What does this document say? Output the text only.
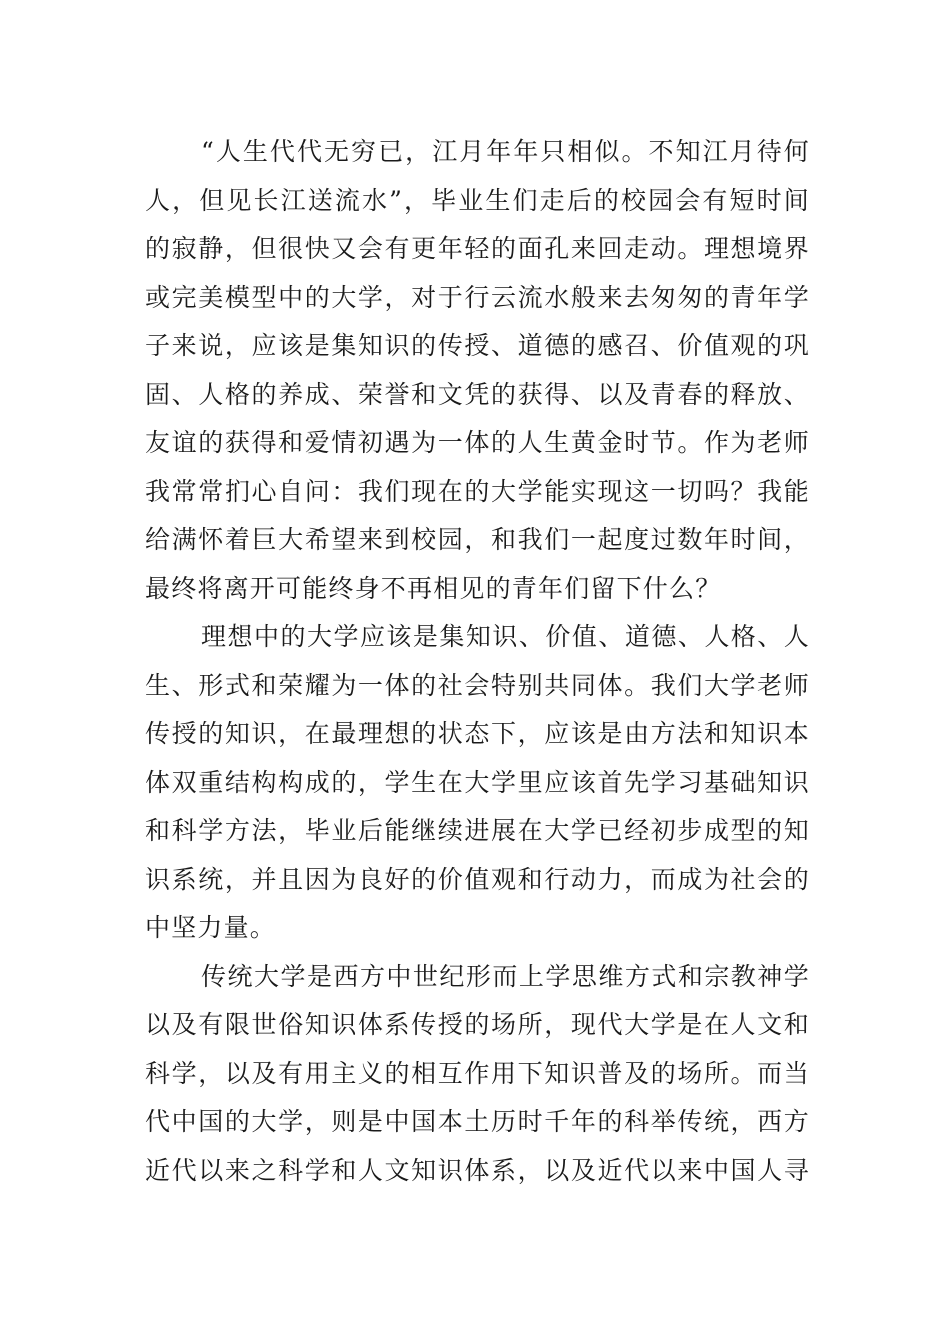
“人生代代无穷已，江月年年只相似。不知江月待何
人，但见长江送流水”，毕业生们走后的校园会有短时间
的寂静，但很快又会有更年轻的面孔来回走动。理想境界
或完美模型中的大学，对于行云流水般来去匆匆的青年学
子来说，应该是集知识的传授、道德的感召、价值观的巩
固、人格的养成、荣誉和文凭的获得、以及青春的释放、
友谊的获得和爱情初遇为一体的人生黄金时节。作为老师
我常常扪心自问：我们现在的大学能实现这一切吗？我能
给满怀着巨大希望来到校园，和我们一起度过数年时间，
最终将离开可能终身不再相见的青年们留下什么？
理想中的大学应该是集知识、价值、道德、人格、人
生、形式和荣耀为一体的社会特别共同体。我们大学老师
传授的知识，在最理想的状态下，应该是由方法和知识本
体双重结构构成的，学生在大学里应该首先学习基础知识
和科学方法，毕业后能继续进展在大学已经初步成型的知
识系统，并且因为良好的价值观和行动力，而成为社会的
中坚力量。
传统大学是西方中世纪形而上学思维方式和宗教神学
以及有限世俗知识体系传授的场所，现代大学是在人文和
科学，以及有用主义的相互作用下知识普及的场所。而当
代中国的大学，则是中国本土历时千年的科举传统，西方
近代以来之科学和人文知识体系，以及近代以来中国人寻
